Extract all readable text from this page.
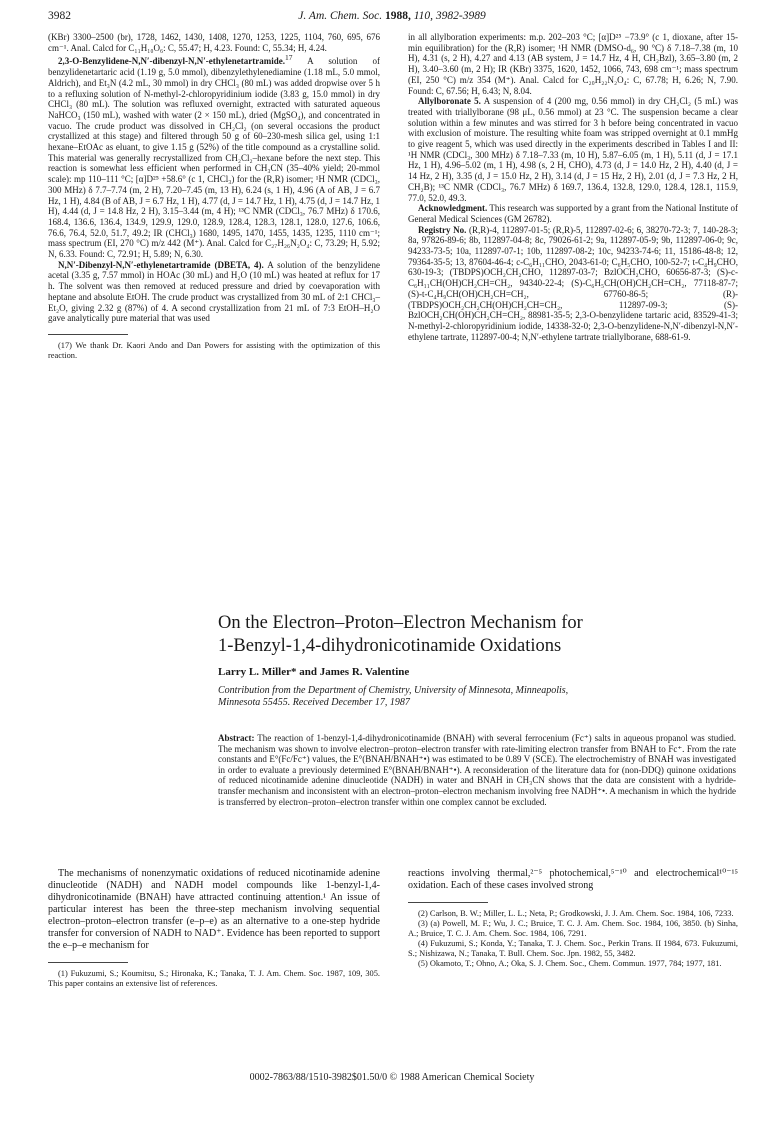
3982	J. Am. Chem. Soc. 1988, 110, 3982-3989

(KBr) 3300–2500 (br), 1728, 1462, 1430, 1408, 1270, 1253, 1225, 1104, 760, 695, 676 cm⁻¹. Anal. Calcd for C₁₁H₁₀O₆: C, 55.47; H, 4.23. Found: C, 55.34; H, 4.24.

2,3-O-Benzylidene-N,N′-dibenzyl-N,N′-ethylenetartramide.$^{17}$ A solution of benzylidenetartaric acid (1.19 g, 5.0 mmol), dibenzylethylenediamine (1.18 mL, 5.0 mmol, Aldrich), and Et₃N (4.2 mL, 30 mmol) in dry CHCl₃ (80 mL) was added dropwise over 5 h to a refluxing solution of N-methyl-2-chloropyridinium iodide (3.83 g, 15.0 mmol) in dry CHCl₃ (80 mL). The solution was refluxed overnight, extracted with saturated aqueous NaHCO₃ (150 mL), washed with water (2 × 150 mL), dried (MgSO₄), and concentrated in vacuo. The crude product was dissolved in CH₂Cl₂ (on several occasions the product crystallized at this stage) and filtered through 50 g of 60–230-mesh silica gel, using 1:1 hexane–EtOAc as eluant, to give 1.15 g (52%) of the title compound as a crystalline solid. This material was generally recrystallized from CH₂Cl₂–hexane before the next step. This reaction is somewhat less efficient when performed in CH₃CN (35–40% yield; 20-mmol scale): mp 110–111 °C; [α]D²⁵ +58.6° (c 1, CHCl₃) for the (R,R) isomer; ¹H NMR (CDCl₃, 300 MHz) δ 7.7–7.74 (m, 2 H), 7.20–7.45 (m, 13 H), 6.24 (s, 1 H), 4.96 (A of AB, J = 6.7 Hz, 1 H), 4.84 (B of AB, J = 6.7 Hz, 1 H), 4.77 (d, J = 14.7 Hz, 1 H), 4.75 (d, J = 14.7 Hz, 1 H), 4.44 (d, J = 14.8 Hz, 2 H), 3.15–3.44 (m, 4 H); ¹³C NMR (CDCl₃, 76.7 MHz) δ 170.6, 168.4, 136.6, 136.4, 134.9, 129.9, 129.0, 128.9, 128.4, 128.3, 128.1, 128.0, 127.6, 106.6, 76.6, 76.4, 52.0, 51.7, 49.2; IR (CHCl₃) 1680, 1495, 1470, 1455, 1435, 1235, 1110 cm⁻¹; mass spectrum (EI, 270 °C) m/z 442 (M⁺). Anal. Calcd for C₂₇H₂₆N₂O₄: C, 73.29; H, 5.92; N, 6.33. Found: C, 72.91; H, 5.89; N, 6.30.

N,N′-Dibenzyl-N,N′-ethylenetartramide (DBETA, 4). A solution of the benzylidene acetal (3.35 g, 7.57 mmol) in HOAc (30 mL) and H₂O (10 mL) was heated at reflux for 17 h. The solvent was then removed at reduced pressure and dried by coevaporation with heptane and absolute EtOH. The crude product was crystallized from 30 mL of 2:1 CHCl₃–Et₂O, giving 2.32 g (87%) of 4. A second crystallization from 21 mL of 7:3 EtOH–H₂O gave analytically pure material that was used

(17) We thank Dr. Kaori Ando and Dan Powers for assisting with the optimization of this reaction.

in all allylboration experiments: m.p. 202–203 °C; [α]D²⁵ −73.9° (c 1, dioxane, after 15-min equilibration) for the (R,R) isomer; ¹H NMR (DMSO-d₆, 90 °C) δ 7.18–7.38 (m, 10 H), 4.31 (s, 2 H), 4.27 and 4.13 (AB system, J = 14.7 Hz, 4 H, CH₂Bzl), 3.65–3.80 (m, 2 H), 3.40–3.60 (m, 2 H); IR (KBr) 3375, 1620, 1452, 1066, 743, 698 cm⁻¹; mass spectrum (EI, 250 °C) m/z 354 (M⁺). Anal. Calcd for C₂₀H₂₂N₂O₄: C, 67.78; H, 6.26; N, 7.90. Found: C, 67.56; H, 6.43; N, 8.04.

Allylboronate 5. A suspension of 4 (200 mg, 0.56 mmol) in dry CH₂Cl₂ (5 mL) was treated with triallylborane (98 μL, 0.56 mmol) at 23 °C. The suspension became a clear solution within a few minutes and was stirred for 3 h before being concentrated in vacuo with exclusion of moisture. The resulting white foam was stripped overnight at 0.1 mmHg to give reagent 5, which was used directly in the experiments described in Tables I and II: ¹H NMR (CDCl₃, 300 MHz) δ 7.18–7.33 (m, 10 H), 5.87–6.05 (m, 1 H), 5.11 (d, J = 17.1 Hz, 1 H), 4.96–5.02 (m, 1 H), 4.98 (s, 2 H, CHO), 4.73 (d, J = 14.0 Hz, 2 H), 4.40 (d, J = 14 Hz, 2 H), 3.35 (d, J = 15.0 Hz, 2 H), 3.14 (d, J = 15 Hz, 2 H), 2.01 (d, J = 7.3 Hz, 2 H, CH₂B); ¹³C NMR (CDCl₃, 76.7 MHz) δ 169.7, 136.4, 132.8, 129.0, 128.4, 128.1, 115.9, 77.0, 52.0, 49.3.

Acknowledgment. This research was supported by a grant from the National Institute of General Medical Sciences (GM 26782).

Registry No. (R,R)-4, 112897-01-5; (R,R)-5, 112897-02-6; 6, 38270-72-3; 7, 140-28-3; 8a, 97826-89-6; 8b, 112897-04-8; 8c, 79026-61-2; 9a, 112897-05-9; 9b, 112897-06-0; 9c, 94233-73-5; 10a, 112897-07-1; 10b, 112897-08-2; 10c, 94233-74-6; 11, 15186-48-8; 12, 79364-35-5; 13, 87604-46-4; c-C₆H₁₁CHO, 2043-61-0; C₆H₅CHO, 100-52-7; t-C₄H₉CHO, 630-19-3; (TBDPS)OCH₂CH₂CHO, 112897-03-7; BzlOCH₂CHO, 60656-87-3; (S)-c-C₆H₁₁CH(OH)CH₂CH=CH₂, 94340-22-4; (S)-C₆H₅CH(OH)CH₂CH=CH₂, 77118-87-7; (S)-t-C₄H₉CH(OH)CH₂CH=CH₂, 67760-86-5; (R)-(TBDPS)OCH₂CH₂CH(OH)CH₂CH=CH₂, 112897-09-3; (S)-BzlOCH₂CH(OH)CH₂CH=CH₂, 88981-35-5; 2,3-O-benzylidene tartaric acid, 83529-41-3; N-methyl-2-chloropyridinium iodide, 14338-32-0; 2,3-O-benzylidene-N,N′-dibenzyl-N,N′-ethylene tartrate, 112897-00-4; N,N′-ethylene tartrate triallylborane, 688-61-9.

On the Electron–Proton–Electron Mechanism for
1-Benzyl-1,4-dihydronicotinamide Oxidations
Larry L. Miller* and James R. Valentine
Contribution from the Department of Chemistry, University of Minnesota, Minneapolis,
Minnesota 55455. Received December 17, 1987
Abstract: The reaction of 1-benzyl-1,4-dihydronicotinamide (BNAH) with several ferrocenium (Fc⁺) salts in aqueous propanol was studied. The mechanism was shown to involve electron–proton–electron transfer with rate-limiting electron transfer from BNAH to Fc⁺. From the rate constants and E°(Fc/Fc⁺) values, the E°(BNAH/BNAH⁺•) was estimated to be 0.89 V (SCE). The electrochemistry of BNAH was investigated in order to evaluate a previously determined E°(BNAH/BNAH⁺•). A reconsideration of the literature data for (non-DDQ) quinone oxidations of reduced nicotinamide adenine dinucleotide (NADH) in water and BNAH in CH₃CN shows that the data are consistent with a hydride-transfer mechanism and inconsistent with an electron–proton–electron mechanism involving free NADH⁺•. A mechanism in which the hydride is transferred by electron–proton–electron transfer within one complex cannot be excluded.

The mechanisms of nonenzymatic oxidations of reduced nicotinamide adenine dinucleotide (NADH) and NADH model compounds like 1-benzyl-1,4-dihydronicotinamide (BNAH) have attracted continuing attention.¹ An issue of particular interest has been the three-step mechanism involving sequential electron–proton–electron transfer (e–p–e) as an alternative to a one-step hydride transfer for conversion of NADH to NAD⁺. Evidence has been reported to support the e–p–e mechanism for

(1) Fukuzumi, S.; Koumitsu, S.; Hironaka, K.; Tanaka, T. J. Am. Chem. Soc. 1987, 109, 305. This paper contains an extensive list of references.

reactions involving thermal,²⁻⁵ photochemical,⁵⁻¹⁰ and electrochemical¹⁰⁻¹⁵ oxidation. Each of these cases involved strong

(2) Carlson, B. W.; Miller, L. L.; Neta, P.; Grodkowski, J. J. Am. Chem. Soc. 1984, 106, 7233.

(3) (a) Powell, M. F.; Wu, J. C.; Bruice, T. C. J. Am. Chem. Soc. 1984, 106, 3850. (b) Sinha, A.; Bruice, T. C. J. Am. Chem. Soc. 1984, 106, 7291.

(4) Fukuzumi, S.; Konda, Y.; Tanaka, T. J. Chem. Soc., Perkin Trans. II 1984, 673. Fukuzumi, S.; Nishizawa, N.; Tanaka, T. Bull. Chem. Soc. Jpn. 1982, 55, 3482.

(5) Okamoto, T.; Ohno, A.; Oka, S. J. Chem. Soc., Chem. Commun. 1977, 784; 1977, 181.

0002-7863/88/1510-3982$01.50/0 © 1988 American Chemical Society
